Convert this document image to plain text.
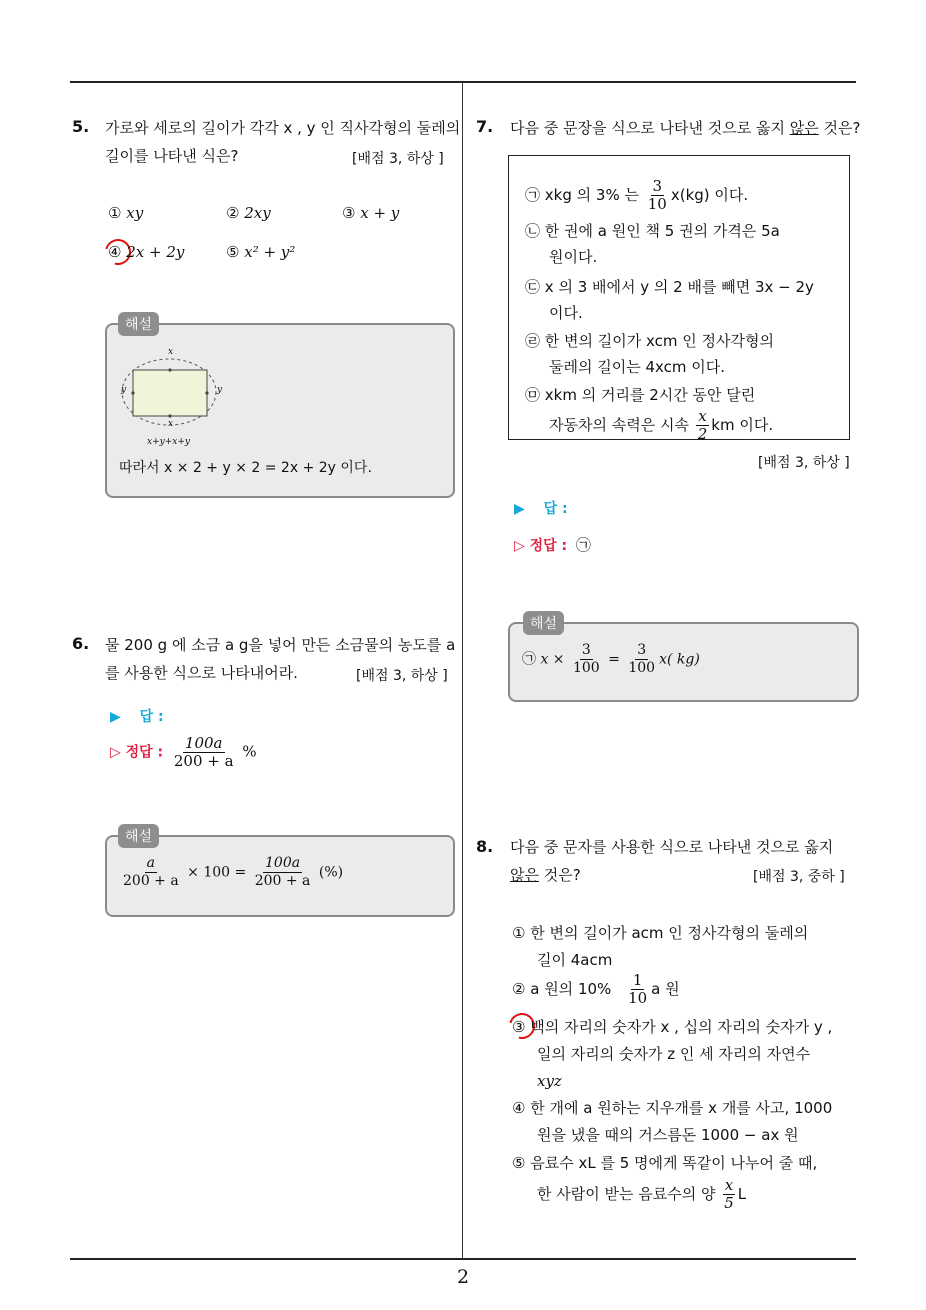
2
5. 가로와 세로의 길이가 각각 x , y 인 직사각형의 둘레의
길이를 나타낸 식은?	[배점 3, 하상 ]
① xy	② 2xy	③ x + y
④ 2x + 2y	⑤ x² + y²
x
x
y	y
x+y+x+y
따라서 x × 2 + y × 2 = 2x + 2y 이다.
해설
6. 물 200 g 에 소금 a g을 넣어 만든 소금물의 농도를 a
를 사용한 식으로 나타내어라.	[배점 3, 하상 ]
▶ 답 :
▷ 정답 : $\frac{100a}{200 + a}$ %
$\frac{a}{200 + a} \times 100 = \frac{100a}{200 + a}$ (%)
해설
7. 다음 중 문장을 식으로 나타낸 것으로 옳지 않은 것은?
㉠ xkg 의 3% 는 $\frac{3}{10} x(kg)$ 이다.
㉡ 한 권에 a 원인 책 5 권의 가격은 5a
원이다.
㉢ x 의 3 배에서 y 의 2 배를 빼면 3x − 2y
이다.
㉣ 한 변의 길이가 xcm 인 정사각형의
둘레의 길이는 4xcm 이다.
㉤ xkm 의 거리를 2시간 동안 달린
자동차의 속력은 시속 $\frac{x}{2}$ km 이다.
[배점 3, 하상 ]
▶ 답 :
▷ 정답 : ㉠
㉠ $x \times \frac{3}{100} = \frac{3}{100} x$( kg)
해설
8. 다음 중 문자를 사용한 식으로 나타낸 것으로 옳지
않은 것은?	[배점 3, 중하 ]
① 한 변의 길이가 acm 인 정사각형의 둘레의
길이 4acm
② a 원의 $10\% \frac{1}{10}$ a 원
③ 백의 자리의 숫자가 x , 십의 자리의 숫자가 y ,
일의 자리의 숫자가 z 인 세 자리의 자연수
xyz
④ 한 개에 a 원하는 지우개를 x 개를 사고, 1000
원을 냈을 때의 거스름돈 1000 − ax 원
⑤ 음료수 xL 를 5 명에게 똑같이 나누어 줄 때,
한 사람이 받는 음료수의 양 $\frac{x}{5}$ L
